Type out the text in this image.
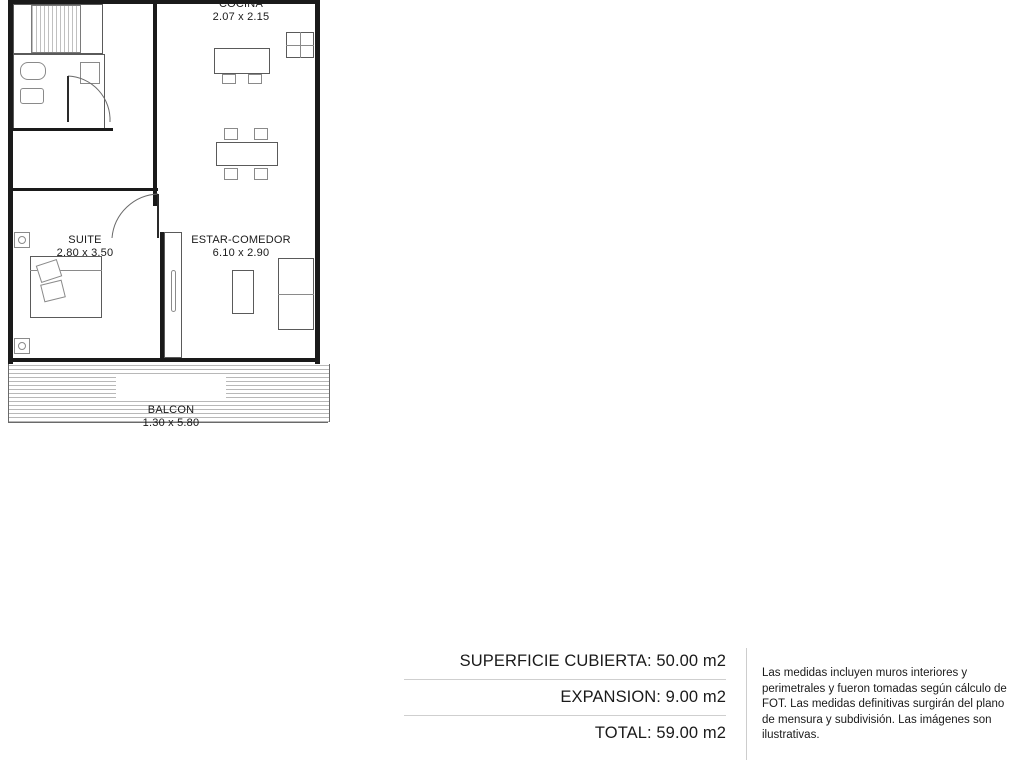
COCINA
2.07 x 2.15
SUITE
2.80 x 3.50
ESTAR-COMEDOR
6.10 x 2.90
BALCON
1.30 x 5.80
SUPERFICIE CUBIERTA: 50.00 m2
EXPANSION: 9.00 m2
TOTAL: 59.00 m2
Las medidas incluyen muros interiores y perimetrales y fueron tomadas según cálculo de FOT. Las medidas definitivas surgirán del plano de mensura y subdivisión. Las imágenes son ilustrativas.
